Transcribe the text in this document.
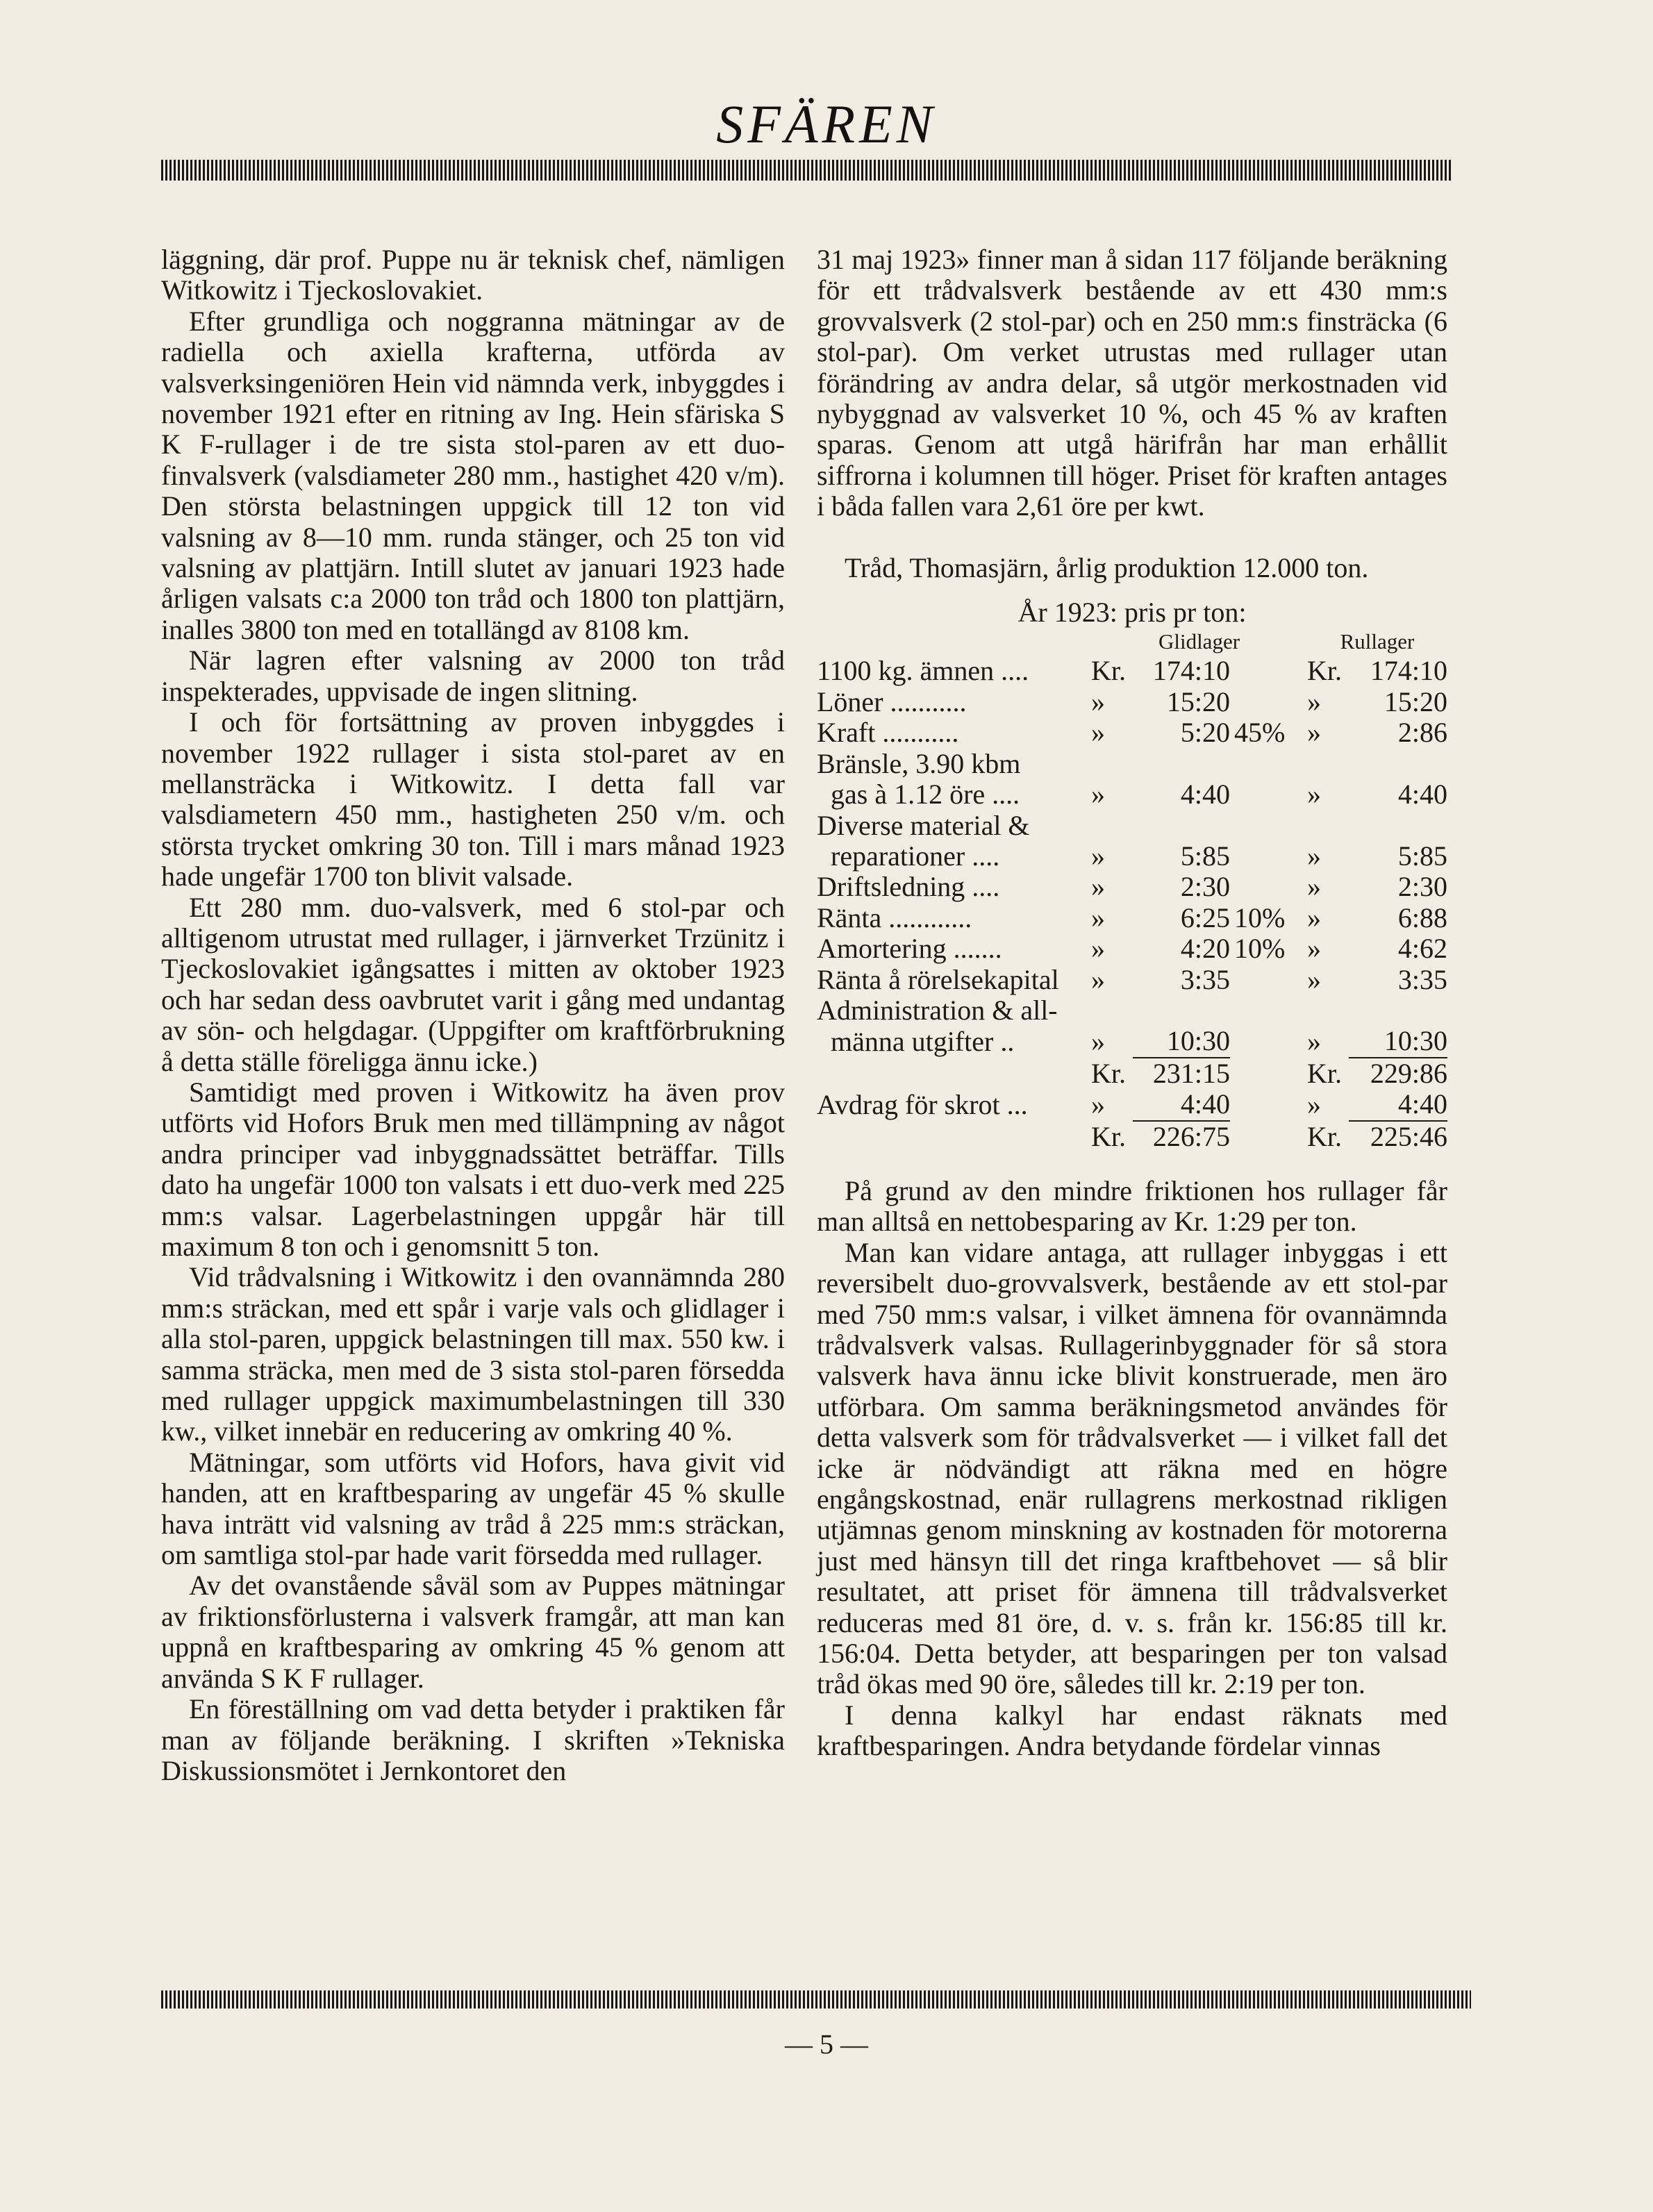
SFÄREN

läggning, där prof. Puppe nu är teknisk chef, nämligen Witkowitz i Tjeckoslovakiet.

Efter grundliga och noggranna mätningar av de radiella och axiella krafterna, utförda av valsverksingeniören Hein vid nämnda verk, inbyggdes i november 1921 efter en ritning av Ing. Hein sfäriska S K F-rullager i de tre sista stol-paren av ett duo-finvalsverk (valsdiameter 280 mm., hastighet 420 v/m). Den största belastningen uppgick till 12 ton vid valsning av 8—10 mm. runda stänger, och 25 ton vid valsning av plattjärn. Intill slutet av januari 1923 hade årligen valsats c:a 2000 ton tråd och 1800 ton plattjärn, inalles 3800 ton med en totallängd av 8108 km.

När lagren efter valsning av 2000 ton tråd inspekterades, uppvisade de ingen slitning.

I och för fortsättning av proven inbyggdes i november 1922 rullager i sista stol-paret av en mellansträcka i Witkowitz. I detta fall var valsdiametern 450 mm., hastigheten 250 v/m. och största trycket omkring 30 ton. Till i mars månad 1923 hade ungefär 1700 ton blivit valsade.

Ett 280 mm. duo-valsverk, med 6 stol-par och alltigenom utrustat med rullager, i järnverket Trzünitz i Tjeckoslovakiet igångsattes i mitten av oktober 1923 och har sedan dess oavbrutet varit i gång med undantag av sön- och helgdagar. (Uppgifter om kraftförbrukning å detta ställe föreligga ännu icke.)

Samtidigt med proven i Witkowitz ha även prov utförts vid Hofors Bruk men med tillämpning av något andra principer vad inbyggnadssättet beträffar. Tills dato ha ungefär 1000 ton valsats i ett duo-verk med 225 mm:s valsar. Lagerbelastningen uppgår här till maximum 8 ton och i genomsnitt 5 ton.

Vid trådvalsning i Witkowitz i den ovannämnda 280 mm:s sträckan, med ett spår i varje vals och glidlager i alla stol-paren, uppgick belastningen till max. 550 kw. i samma sträcka, men med de 3 sista stol-paren försedda med rullager uppgick maximumbelastningen till 330 kw., vilket innebär en reducering av omkring 40 %.

Mätningar, som utförts vid Hofors, hava givit vid handen, att en kraftbesparing av ungefär 45 % skulle hava inträtt vid valsning av tråd å 225 mm:s sträckan, om samtliga stol-par hade varit försedda med rullager.

Av det ovanstående såväl som av Puppes mätningar av friktionsförlusterna i valsverk framgår, att man kan uppnå en kraftbesparing av omkring 45 % genom att använda S K F rullager.

En föreställning om vad detta betyder i praktiken får man av följande beräkning. I skriften »Tekniska Diskussionsmötet i Jernkontoret den

31 maj 1923» finner man å sidan 117 följande beräkning för ett trådvalsverk bestående av ett 430 mm:s grovvalsverk (2 stol-par) och en 250 mm:s finsträcka (6 stol-par). Om verket utrustas med rullager utan förändring av andra delar, så utgör merkostnaden vid nybyggnad av valsverket 10 %, och 45 % av kraften sparas. Genom att utgå härifrån har man erhållit siffrorna i kolumnen till höger. Priset för kraften antages i båda fallen vara 2,61 öre per kwt.

Tråd, Thomasjärn, årlig produktion 12.000 ton.

År 1923: pris pr ton:

	Glidlager			Rullager	
1100 kg. ämnen ....	Kr.	174:10		Kr.	174:10
Löner ...........	»	15:20		»	15:20
Kraft ...........	»	5:20	45%	»	2:86
Bränsle, 3.90 kbm					
gas à 1.12 öre ....	»	4:40		»	4:40
Diverse material &					
reparationer ....	»	5:85		»	5:85
Driftsledning ....	»	2:30		»	2:30
Ränta ............	»	6:25	10%	»	6:88
Amortering .......	»	4:20	10%	»	4:62
Ränta å rörelsekapital	»	3:35		»	3:35
Administration & all-					
männa utgifter ..	»	10:30		»	10:30
	Kr.	231:15		Kr.	229:86
Avdrag för skrot ...	»	4:40		»	4:40
	Kr.	226:75		Kr.	225:46

På grund av den mindre friktionen hos rullager får man alltså en nettobesparing av Kr. 1:29 per ton.

Man kan vidare antaga, att rullager inbyggas i ett reversibelt duo-grovvalsverk, bestående av ett stol-par med 750 mm:s valsar, i vilket ämnena för ovannämnda trådvalsverk valsas. Rullagerinbyggnader för så stora valsverk hava ännu icke blivit konstruerade, men äro utförbara. Om samma beräkningsmetod användes för detta valsverk som för trådvalsverket — i vilket fall det icke är nödvändigt att räkna med en högre engångskostnad, enär rullagrens merkostnad rikligen utjämnas genom minskning av kostnaden för motorerna just med hänsyn till det ringa kraftbehovet — så blir resultatet, att priset för ämnena till trådvalsverket reduceras med 81 öre, d. v. s. från kr. 156:85 till kr. 156:04. Detta betyder, att besparingen per ton valsad tråd ökas med 90 öre, således till kr. 2:19 per ton.

I denna kalkyl har endast räknats med kraftbesparingen. Andra betydande fördelar vinnas

— 5 —
